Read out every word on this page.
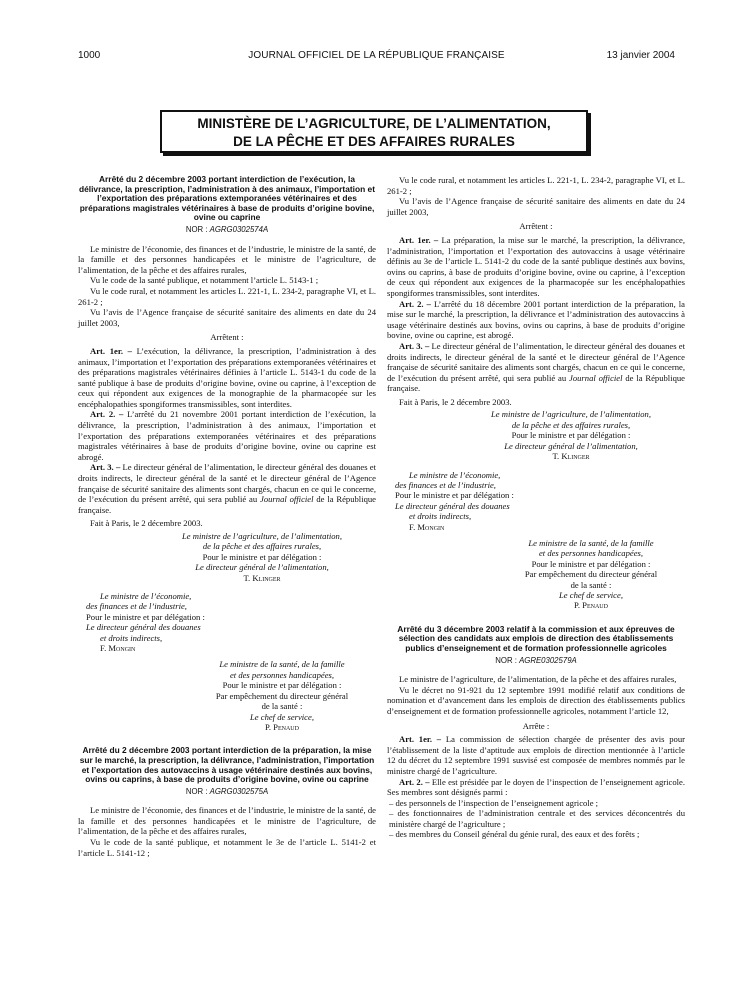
1000	JOURNAL OFFICIEL DE LA RÉPUBLIQUE FRANÇAISE	13 janvier 2004
MINISTÈRE DE L’AGRICULTURE, DE L’ALIMENTATION,
DE LA PÊCHE ET DES AFFAIRES RURALES
Arrêté du 2 décembre 2003 portant interdiction de l’exécution, la délivrance, la prescription, l’administration à des animaux, l’importation et l’exportation des préparations extemporanées vétérinaires et des préparations magistrales vétérinaires à base de produits d’origine bovine, ovine ou caprine
NOR : AGRG0302574A

Le ministre de l’économie, des finances et de l’industrie, le ministre de la santé, de la famille et des personnes handicapées et le ministre de l’agriculture, de l’alimentation, de la pêche et des affaires rurales,

Vu le code de la santé publique, et notamment l’article L. 5143-1 ;

Vu le code rural, et notamment les articles L. 221-1, L. 234-2, paragraphe VI, et L. 261-2 ;

Vu l’avis de l’Agence française de sécurité sanitaire des aliments en date du 24 juillet 2003,

Arrêtent :

Art. 1er. – L’exécution, la délivrance, la prescription, l’administration à des animaux, l’importation et l’exportation des préparations extemporanées vétérinaires et des préparations magistrales vétérinaires définies à l’article L. 5143-1 du code de la santé publique à base de produits d’origine bovine, ovine ou caprine, à l’exception de ceux qui répondent aux exigences de la monographie de la pharmacopée sur les encéphalopathies spongiformes transmissibles, sont interdites.

Art. 2. – L’arrêté du 21 novembre 2001 portant interdiction de l’exécution, la délivrance, la prescription, l’administration à des animaux, l’importation et l’exportation des préparations extemporanées vétérinaires et des préparations magistrales vétérinaires à base de produits d’origine bovine, ovine ou caprine est abrogé.

Art. 3. – Le directeur général de l’alimentation, le directeur général des douanes et droits indirects, le directeur général de la santé et le directeur général de l’Agence française de sécurité sanitaire des aliments sont chargés, chacun en ce qui le concerne, de l’exécution du présent arrêté, qui sera publié au Journal officiel de la République française.

Fait à Paris, le 2 décembre 2003.
Le ministre de l’agriculture, de l’alimentation,
de la pêche et des affaires rurales,
Pour le ministre et par délégation :
Le directeur général de l’alimentation,
T. Klinger
Le ministre de l’économie,
des finances et de l’industrie,
Pour le ministre et par délégation :
Le directeur général des douanes
et droits indirects,
F. Mongin
Le ministre de la santé, de la famille
et des personnes handicapées,
Pour le ministre et par délégation :
Par empêchement du directeur général
de la santé :
Le chef de service,
P. Penaud
Arrêté du 2 décembre 2003 portant interdiction de la préparation, la mise sur le marché, la prescription, la délivrance, l’administration, l’importation et l’exportation des autovaccins à usage vétérinaire destinés aux bovins, ovins ou caprins, à base de produits d’origine bovine, ovine ou caprine
NOR : AGRG0302575A

Le ministre de l’économie, des finances et de l’industrie, le ministre de la santé, de la famille et des personnes handicapées et le ministre de l’agriculture, de l’alimentation, de la pêche et des affaires rurales,

Vu le code de la santé publique, et notamment le 3e de l’article L. 5141-2 et l’article L. 5141-12 ;

Vu le code rural, et notamment les articles L. 221-1, L. 234-2, paragraphe VI, et L. 261-2 ;

Vu l’avis de l’Agence française de sécurité sanitaire des aliments en date du 24 juillet 2003,

Arrêtent :

Art. 1er. – La préparation, la mise sur le marché, la prescription, la délivrance, l’administration, l’importation et l’exportation des autovaccins à usage vétérinaire définis au 3e de l’article L. 5141-2 du code de la santé publique destinés aux bovins, ovins ou caprins, à base de produits d’origine bovine, ovine ou caprine, à l’exception de ceux qui répondent aux exigences de la pharmacopée sur les encéphalopathies spongiformes transmissibles, sont interdites.

Art. 2. – L’arrêté du 18 décembre 2001 portant interdiction de la préparation, la mise sur le marché, la prescription, la délivrance et l’administration des autovaccins à usage vétérinaire destinés aux bovins, ovins ou caprins, à base de produits d’origine bovine, ovine ou caprine, est abrogé.

Art. 3. – Le directeur général de l’alimentation, le directeur général des douanes et droits indirects, le directeur général de la santé et le directeur général de l’Agence française de sécurité sanitaire des aliments sont chargés, chacun en ce qui le concerne, de l’exécution du présent arrêté, qui sera publié au Journal officiel de la République française.

Fait à Paris, le 2 décembre 2003.
Le ministre de l’agriculture, de l’alimentation,
de la pêche et des affaires rurales,
Pour le ministre et par délégation :
Le directeur général de l’alimentation,
T. Klinger
Le ministre de l’économie,
des finances et de l’industrie,
Pour le ministre et par délégation :
Le directeur général des douanes
et droits indirects,
F. Mongin
Le ministre de la santé, de la famille
et des personnes handicapées,
Pour le ministre et par délégation :
Par empêchement du directeur général
de la santé :
Le chef de service,
P. Penaud
Arrêté du 3 décembre 2003 relatif à la commission et aux épreuves de sélection des candidats aux emplois de direction des établissements publics d’enseignement et de formation professionnelle agricoles
NOR : AGRE0302579A

Le ministre de l’agriculture, de l’alimentation, de la pêche et des affaires rurales,

Vu le décret no 91-921 du 12 septembre 1991 modifié relatif aux conditions de nomination et d’avancement dans les emplois de direction des établissements publics d’enseignement et de formation professionnelle agricoles, notamment l’article 12,

Arrête :

Art. 1er. – La commission de sélection chargée de présenter des avis pour l’établissement de la liste d’aptitude aux emplois de direction mentionnée à l’article 12 du décret du 12 septembre 1991 susvisé est composée de membres nommés par le ministre chargé de l’agriculture.

Art. 2. – Elle est présidée par le doyen de l’inspection de l’enseignement agricole. Ses membres sont désignés parmi :

– des personnels de l’inspection de l’enseignement agricole ;
– des fonctionnaires de l’administration centrale et des services déconcentrés du ministère chargé de l’agriculture ;
– des membres du Conseil général du génie rural, des eaux et des forêts ;
